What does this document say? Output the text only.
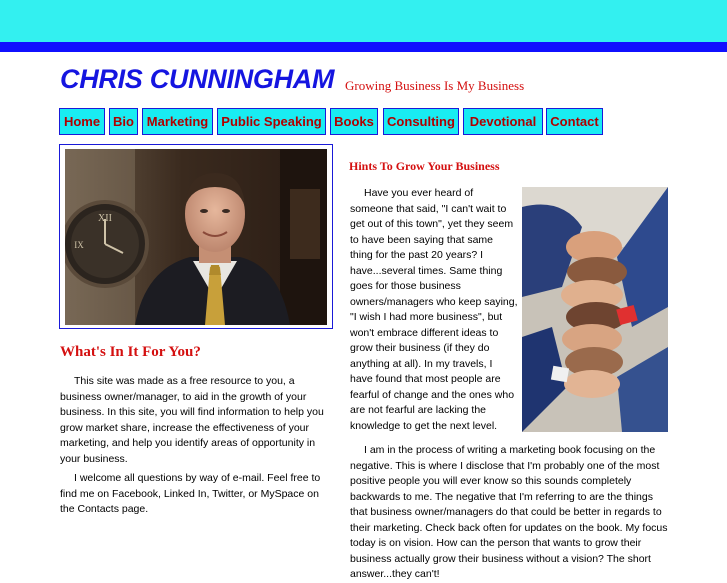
CHRIS CUNNINGHAM Growing Business Is My Business
Home Bio Marketing	Public Speaking Books	Consulting	Devotional	Contact
XII
IX
What's In It For You?

This site was made as a free resource to you, a business owner/manager, to aid in the growth of your business. In this site, you will find information to help you grow market share, increase the effectiveness of your marketing, and help you identify areas of opportunity in your business.

I welcome all questions by way of e-mail. Feel free to find me on Facebook, Linked In, Twitter, or MySpace on the Contacts page.

Hints To Grow Your Business

Have you ever heard of someone that said, "I can't wait to get out of this town", yet they seem to have been saying that same thing for the past 20 years? I have...several times. Same thing goes for those business owners/managers who keep saying, "I wish I had more business", but won't embrace different ideas to grow their business (if they do anything at all). In my travels, I have found that most people are fearful of change and the ones who are not fearful are lacking the knowledge to get the next level.

I am in the process of writing a marketing book focusing on the negative. This is where I disclose that I'm probably one of the most positive people you will ever know so this sounds completely backwards to me. The negative that I'm referring to are the things that business owner/managers do that could be better in regards to their marketing. Check back often for updates on the book. My focus today is on vision. How can the person that wants to grow their business actually grow their business without a vision? The short answer...they can't!
